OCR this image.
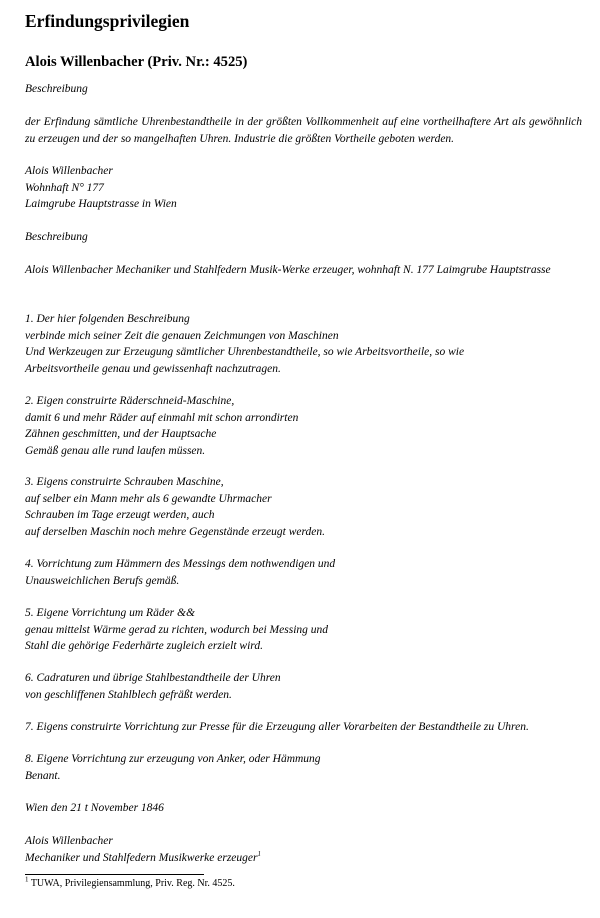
Erfindungsprivilegien
Alois Willenbacher (Priv. Nr.: 4525)
Beschreibung
der Erfindung sämtliche Uhrenbestandtheile in der größten Vollkommenheit auf eine vortheilhaftere Art als gewöhnlich zu erzeugen und der so mangelhaften Uhren. Industrie die größten Vortheile geboten werden.
Alois Willenbacher
Wohnhaft N° 177
Laimgrube Hauptstrasse in Wien
Beschreibung
Alois Willenbacher Mechaniker und Stahlfedern Musik-Werke erzeuger, wohnhaft N. 177 Laimgrube Hauptstrasse
1. Der hier folgenden Beschreibung
verbinde mich seiner Zeit die genauen Zeichmungen von Maschinen
Und Werkzeugen zur Erzeugung sämtlicher Uhrenbestandtheile, so wie Arbeitsvortheile, so wie
Arbeitsvortheile genau und gewissenhaft nachzutragen.
2. Eigen construirte Räderschneid-Maschine,
damit 6 und mehr Räder auf einmahl mit schon arrondirten
Zähnen geschmitten, und der Hauptsache
Gemäß genau alle rund laufen müssen.
3. Eigens construirte Schrauben Maschine,
auf selber ein Mann mehr als 6 gewandte Uhrmacher
Schrauben im Tage erzeugt werden, auch
auf derselben Maschin noch mehre Gegenstände erzeugt werden.
4. Vorrichtung zum Hämmern des Messings dem nothwendigen und
Unausweichlichen Berufs gemäß.
5. Eigene Vorrichtung um Räder &&
genau mittelst Wärme gerad zu richten, wodurch bei Messing und
Stahl die gehörige Federhärte zugleich erzielt wird.
6. Cadraturen und übrige Stahlbestandtheile der Uhren
von geschliffenen Stahlblech gefräßt werden.
7. Eigens construirte Vorrichtung zur Presse für die Erzeugung aller Vorarbeiten der Bestandtheile zu Uhren.
8. Eigene Vorrichtung zur erzeugung von Anker, oder Hämmung
Benant.
Wien den 21 t November 1846
Alois Willenbacher
Mechaniker und Stahlfedern Musikwerke erzeuger$^1$
$^1$ TUWA, Privilegiensammlung, Priv. Reg. Nr. 4525.
